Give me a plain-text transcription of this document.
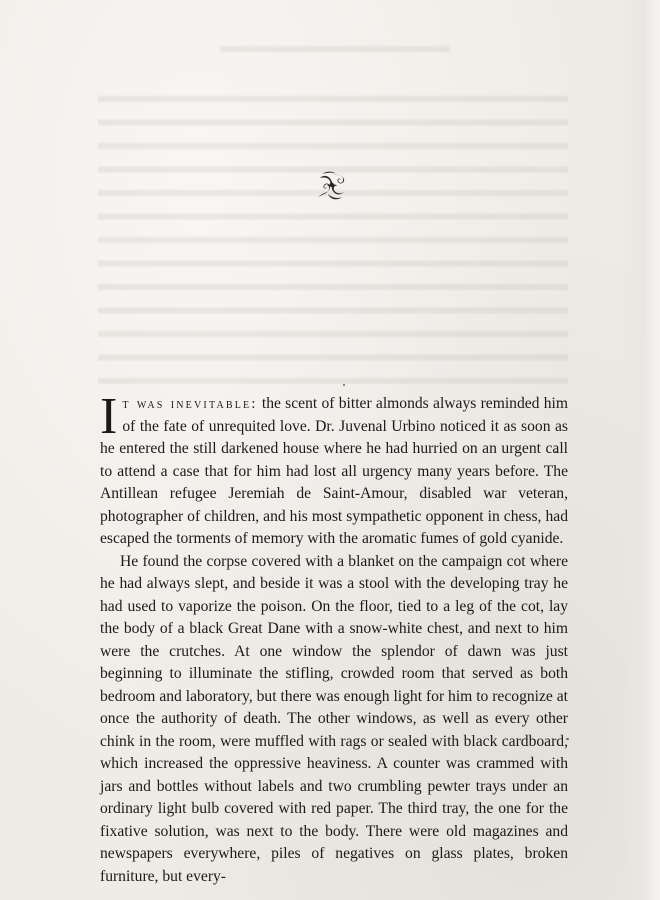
It was inevitable: the scent of bitter almonds always reminded him of the fate of unrequited love. Dr. Juvenal Urbino noticed it as soon as he entered the still darkened house where he had hurried on an urgent call to attend a case that for him had lost all urgency many years before. The Antillean refugee Jeremiah de Saint-Amour, disabled war veteran, photographer of children, and his most sympathetic opponent in chess, had escaped the torments of memory with the aromatic fumes of gold cyanide.

He found the corpse covered with a blanket on the campaign cot where he had always slept, and beside it was a stool with the developing tray he had used to vaporize the poison. On the floor, tied to a leg of the cot, lay the body of a black Great Dane with a snow-white chest, and next to him were the crutches. At one window the splendor of dawn was just beginning to illuminate the stifling, crowded room that served as both bedroom and laboratory, but there was enough light for him to recognize at once the authority of death. The other windows, as well as every other chink in the room, were muffled with rags or sealed with black cardboard, which increased the oppressive heaviness. A counter was crammed with jars and bottles without labels and two crumbling pewter trays under an ordinary light bulb covered with red paper. The third tray, the one for the fixative solution, was next to the body. There were old magazines and newspapers everywhere, piles of negatives on glass plates, broken furniture, but every-
